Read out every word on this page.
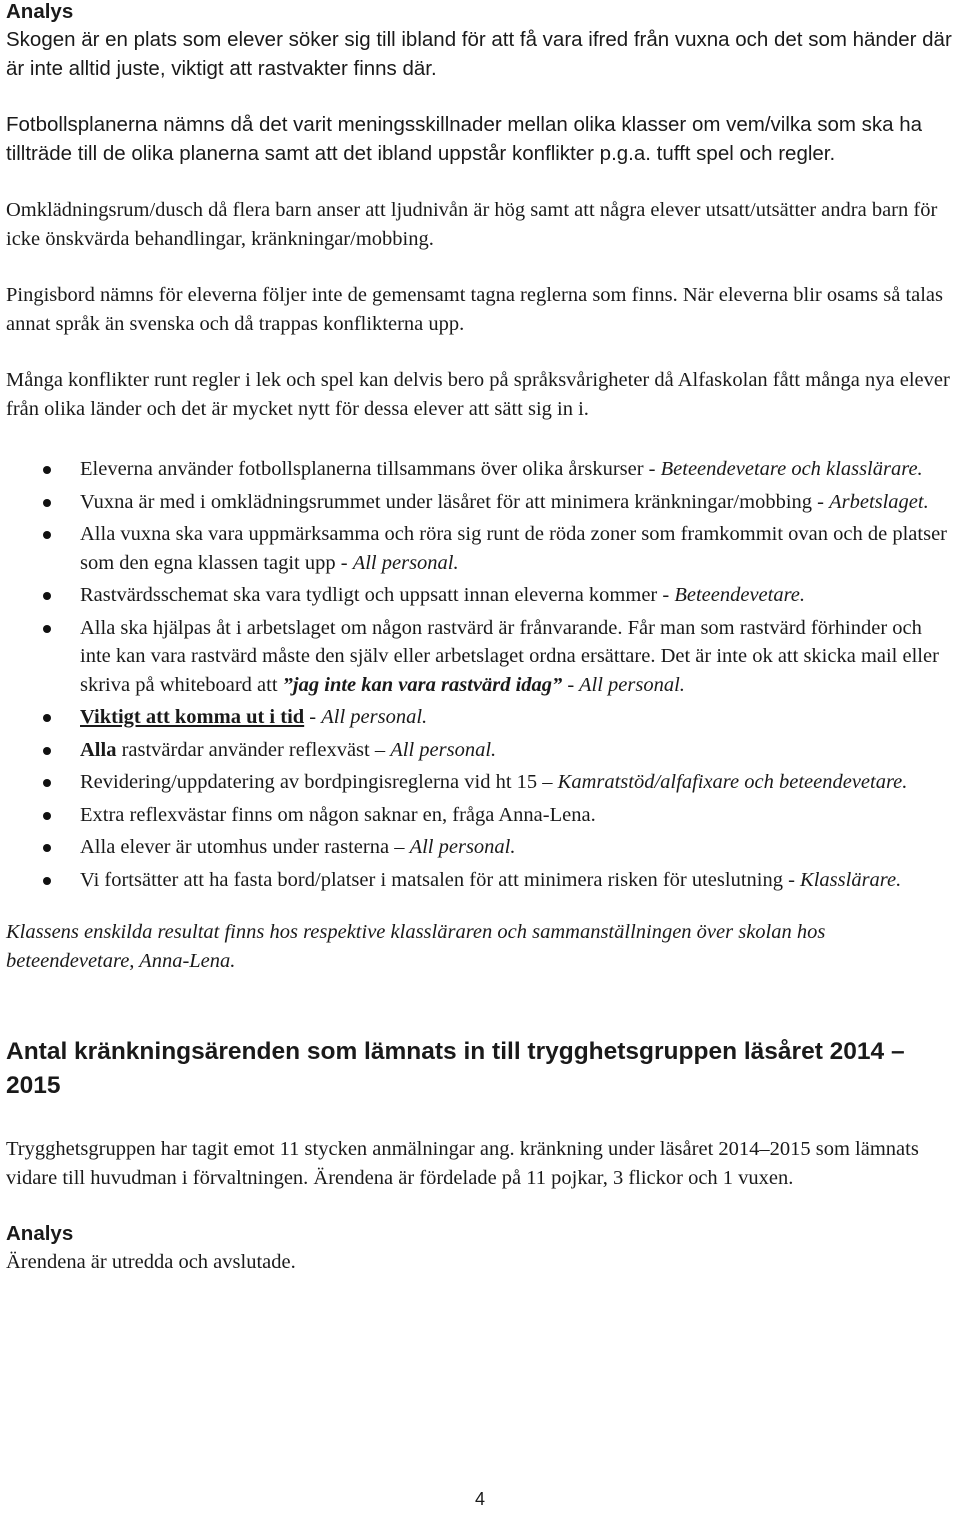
Analys

Skogen är en plats som elever söker sig till ibland för att få vara ifred från vuxna och det som händer där är inte alltid juste, viktigt att rastvakter finns där.

Fotbollsplanerna nämns då det varit meningsskillnader mellan olika klasser om vem/vilka som ska ha tillträde till de olika planerna samt att det ibland uppstår konflikter p.g.a. tufft spel och regler.

Omklädningsrum/dusch då flera barn anser att ljudnivån är hög samt att några elever utsatt/utsätter andra barn för icke önskvärda behandlingar, kränkningar/mobbing.

Pingisbord nämns för eleverna följer inte de gemensamt tagna reglerna som finns. När eleverna blir osams så talas annat språk än svenska och då trappas konflikterna upp.

Många konflikter runt regler i lek och spel kan delvis bero på språksvårigheter då Alfaskolan fått många nya elever från olika länder och det är mycket nytt för dessa elever att sätt sig in i.

Eleverna använder fotbollsplanerna tillsammans över olika årskurser - Beteendevetare och klasslärare.
Vuxna är med i omklädningsrummet under läsåret för att minimera kränkningar/mobbing - Arbetslaget.
Alla vuxna ska vara uppmärksamma och röra sig runt de röda zoner som framkommit ovan och de platser som den egna klassen tagit upp - All personal.
Rastvärdsschemat ska vara tydligt och uppsatt innan eleverna kommer - Beteendevetare.
Alla ska hjälpas åt i arbetslaget om någon rastvärd är frånvarande. Får man som rastvärd förhinder och inte kan vara rastvärd måste den själv eller arbetslaget ordna ersättare. Det är inte ok att skicka mail eller skriva på whiteboard att ”jag inte kan vara rastvärd idag” - All personal.
Viktigt att komma ut i tid - All personal.
Alla rastvärdar använder reflexväst – All personal.
Revidering/uppdatering av bordpingisreglerna vid ht 15 – Kamratstöd/alfafixare och beteendevetare.
Extra reflexvästar finns om någon saknar en, fråga Anna-Lena.
Alla elever är utomhus under rasterna – All personal.
Vi fortsätter att ha fasta bord/platser i matsalen för att minimera risken för uteslutning - Klasslärare.

Klassens enskilda resultat finns hos respektive klassläraren och sammanställningen över skolan hos beteendevetare, Anna-Lena.

Antal kränkningsärenden som lämnats in till trygghetsgruppen läsåret 2014 – 2015

Trygghetsgruppen har tagit emot 11 stycken anmälningar ang. kränkning under läsåret 2014–2015 som lämnats vidare till huvudman i förvaltningen. Ärendena är fördelade på 11 pojkar, 3 flickor och 1 vuxen.

Analys

Ärendena är utredda och avslutade.

4
